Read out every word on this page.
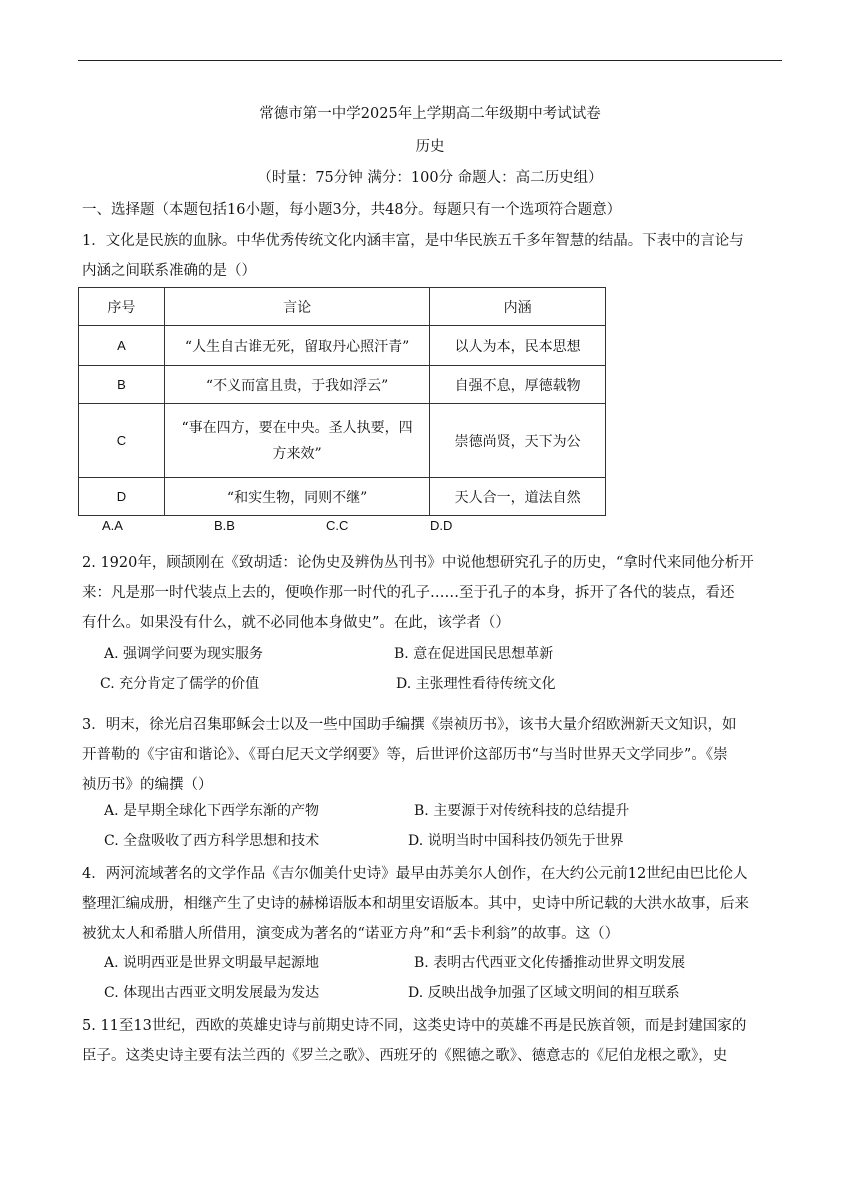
常德市第一中学2025年上学期高二年级期中考试试卷
历史
（时量：75分钟 满分：100分 命题人：高二历史组）
一、选择题（本题包括16小题，每小题3分，共48分。每题只有一个选项符合题意）
1．文化是民族的血脉。中华优秀传统文化内涵丰富，是中华民族五千多年智慧的结晶。下表中的言论与
内涵之间联系准确的是（）
序号	言论	内涵
A	“人生自古谁无死，留取丹心照汗青”	以人为本，民本思想
B	“不义而富且贵，于我如浮云”	自强不息，厚德载物
C	“事在四方，要在中央。圣人执要，四
方来效”	崇德尚贤，天下为公
D	“和实生物，同则不继”	天人合一，道法自然
A.A	B.B	C.C	D.D
2. 1920年，顾颉刚在《致胡适：论伪史及辨伪丛刊书》中说他想研究孔子的历史，“拿时代来同他分析开
来：凡是那一时代装点上去的，便唤作那一时代的孔子……至于孔子的本身，拆开了各代的装点，看还
有什么。如果没有什么，就不必同他本身做史”。在此，该学者（）
A. 强调学问要为现实服务	B. 意在促进国民思想革新
C. 充分肯定了儒学的价值	D. 主张理性看待传统文化
3．明末，徐光启召集耶稣会士以及一些中国助手编撰《崇祯历书》，该书大量介绍欧洲新天文知识，如
开普勒的《宇宙和谐论》、《哥白尼天文学纲要》等，后世评价这部历书“与当时世界天文学同步”。《崇
祯历书》的编撰（）
A. 是早期全球化下西学东渐的产物	B. 主要源于对传统科技的总结提升
C. 全盘吸收了西方科学思想和技术	D. 说明当时中国科技仍领先于世界
4．两河流域著名的文学作品《吉尔伽美什史诗》最早由苏美尔人创作，在大约公元前12世纪由巴比伦人
整理汇编成册，相继产生了史诗的赫梯语版本和胡里安语版本。其中，史诗中所记载的大洪水故事，后来
被犹太人和希腊人所借用，演变成为著名的“诺亚方舟”和“丢卡利翁”的故事。这（）
A. 说明西亚是世界文明最早起源地	B. 表明古代西亚文化传播推动世界文明发展
C. 体现出古西亚文明发展最为发达	D. 反映出战争加强了区域文明间的相互联系
5. 11至13世纪，西欧的英雄史诗与前期史诗不同，这类史诗中的英雄不再是民族首领，而是封建国家的
臣子。这类史诗主要有法兰西的《罗兰之歌》、西班牙的《熙德之歌》、德意志的《尼伯龙根之歌》，史
